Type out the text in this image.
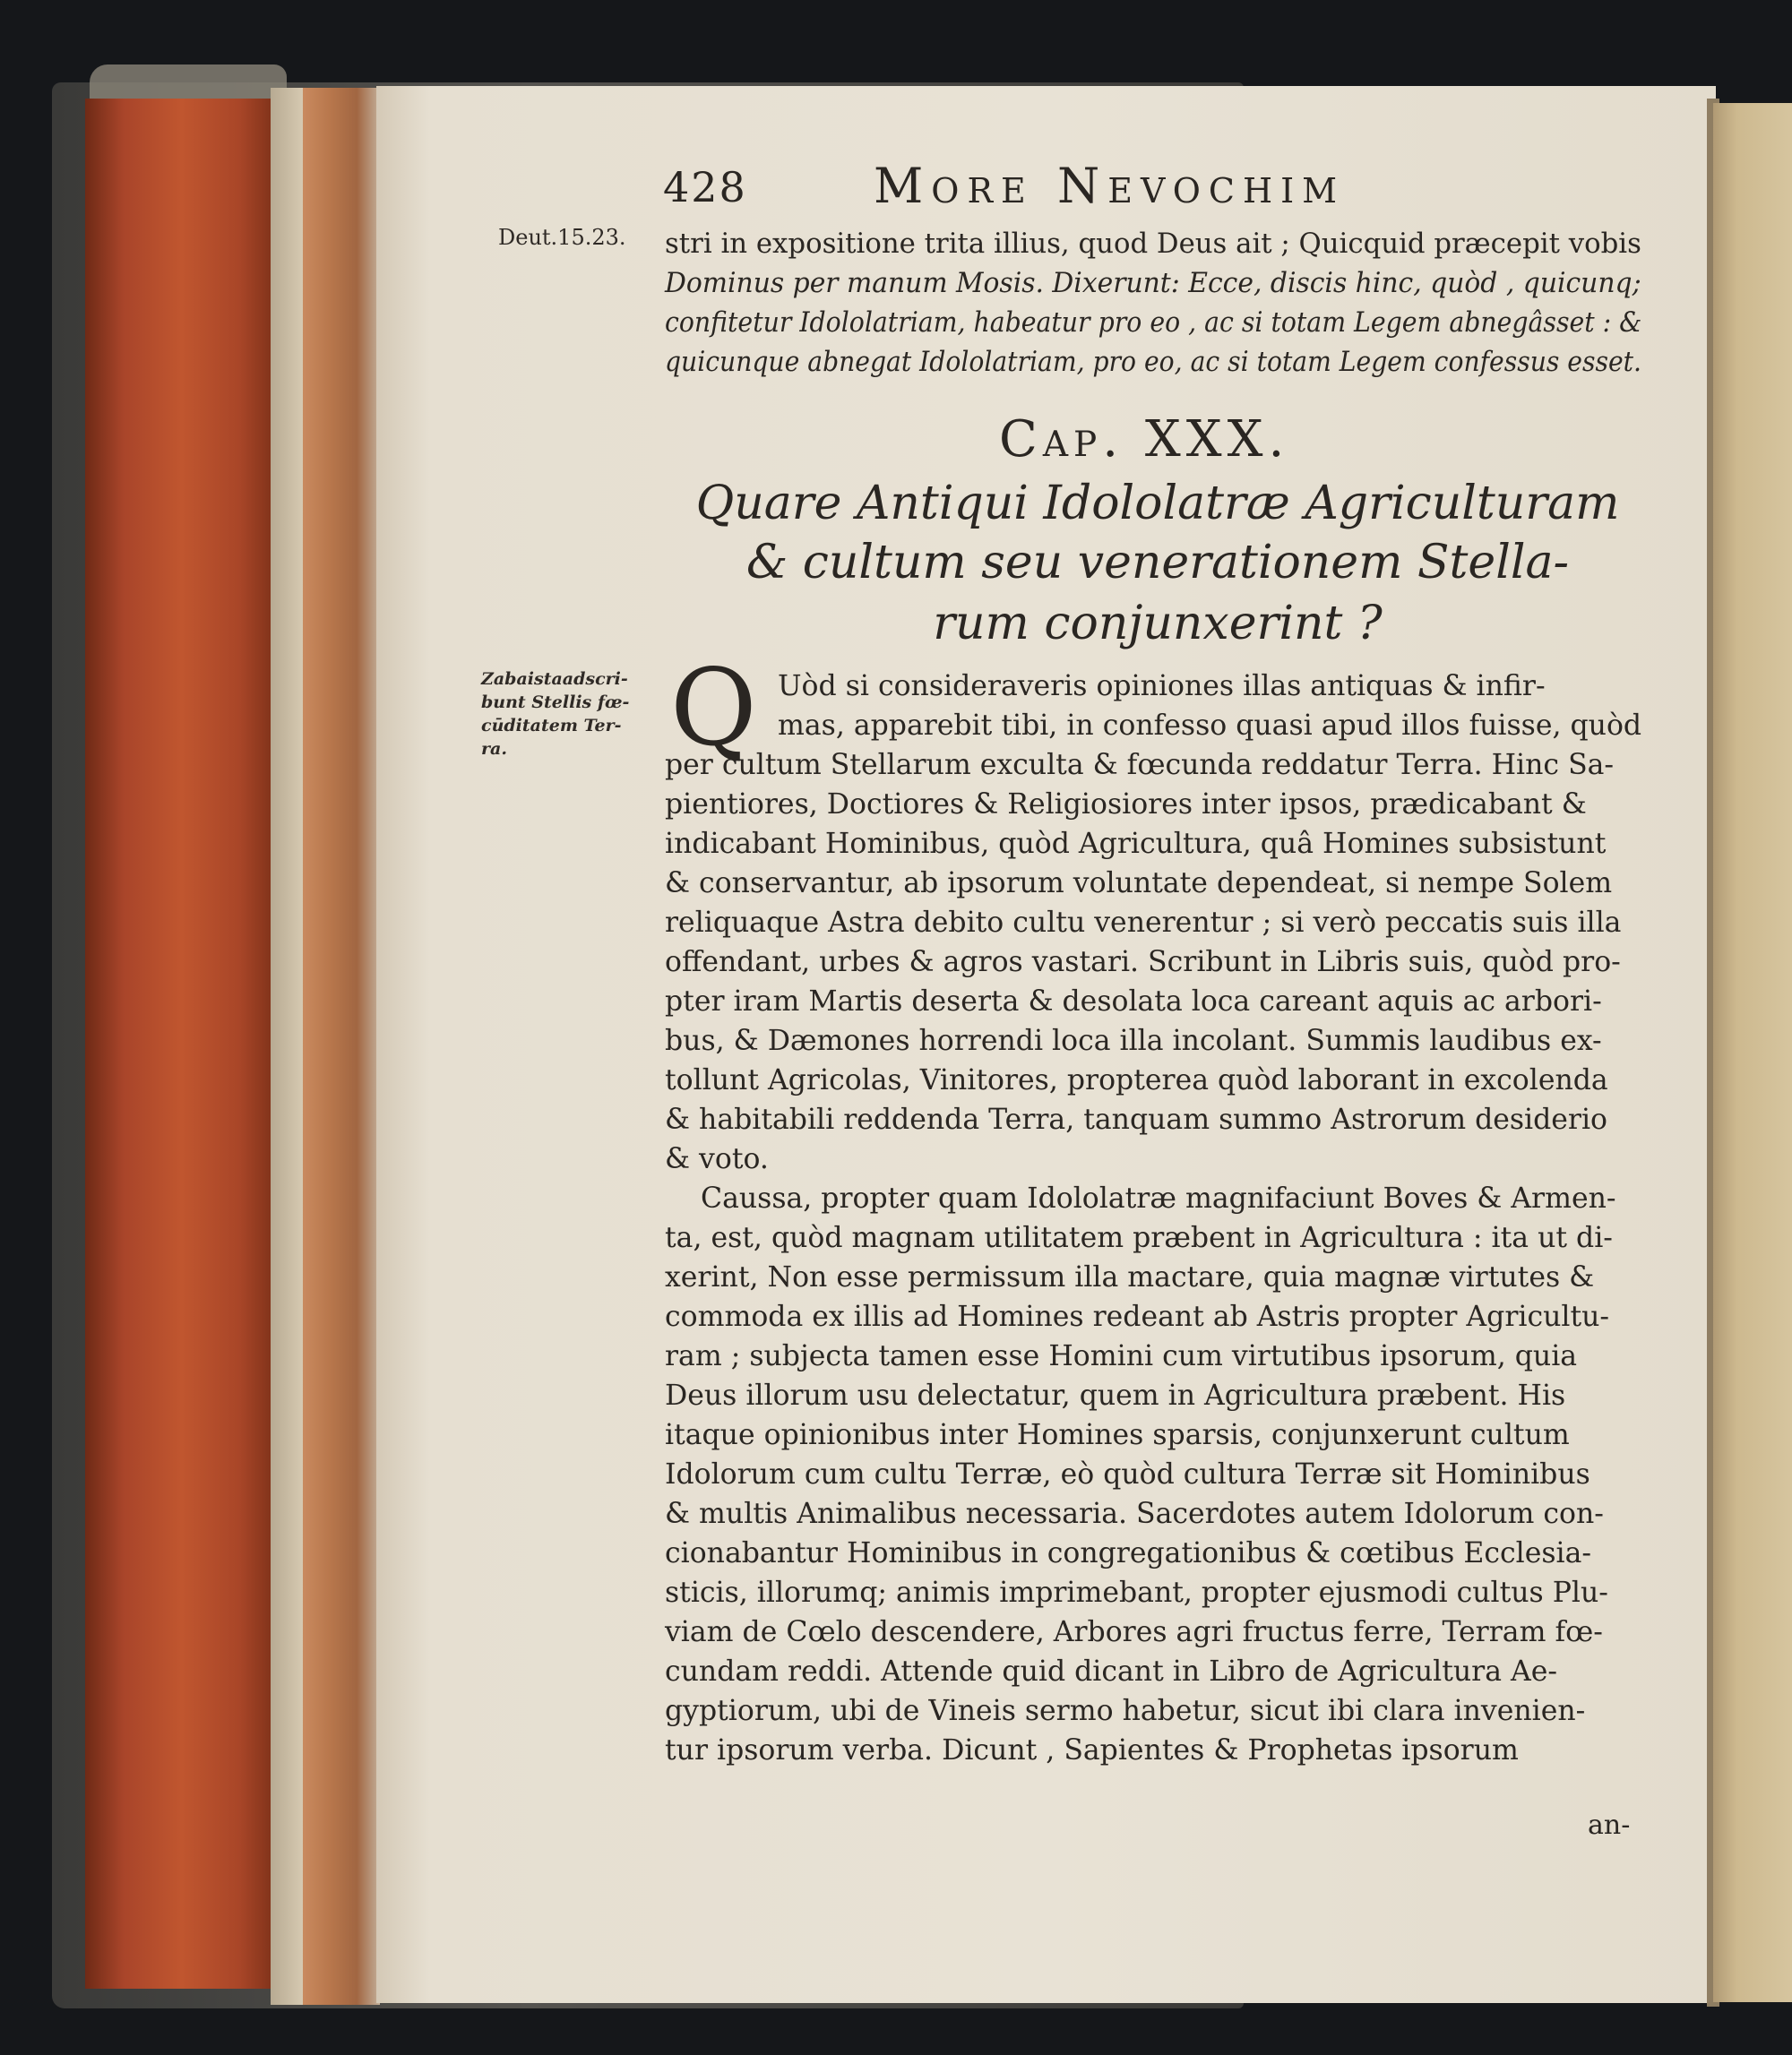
428	More Nevochim
Deut.15.23.
Zabaistaadscri-
bunt Stellis fœ-
cūditatem Ter-
ra.
stri in expositione trita illius, quod Deus ait ; Quicquid præcepit vobis
Dominus per manum Mosis. Dixerunt: Ecce, discis hinc, quòd , quicunq;
confitetur Idololatriam, habeatur pro eo , ac si totam Legem abnegâsset : &
quicunque abnegat Idololatriam, pro eo, ac si totam Legem confessus esset.
Cap. XXX.
Quare Antiqui Idololatræ Agriculturam
& cultum seu venerationem Stella-
rum conjunxerint ?
Q Uòd si consideraveris opiniones illas antiquas & infir-
mas, apparebit tibi, in confesso quasi apud illos fuisse, quòd
per cultum Stellarum exculta & fœcunda reddatur Terra. Hinc Sa-
pientiores, Doctiores & Religiosiores inter ipsos, prædicabant &
indicabant Hominibus, quòd Agricultura, quâ Homines subsistunt
& conservantur, ab ipsorum voluntate dependeat, si nempe Solem
reliquaque Astra debito cultu venerentur ; si verò peccatis suis illa
offendant, urbes & agros vastari. Scribunt in Libris suis, quòd pro-
pter iram Martis deserta & desolata loca careant aquis ac arbori-
bus, & Dæmones horrendi loca illa incolant. Summis laudibus ex-
tollunt Agricolas, Vinitores, propterea quòd laborant in excolenda
& habitabili reddenda Terra, tanquam summo Astrorum desiderio
& voto.
Caussa, propter quam Idololatræ magnifaciunt Boves & Armen-
ta, est, quòd magnam utilitatem præbent in Agricultura : ita ut di-
xerint, Non esse permissum illa mactare, quia magnæ virtutes &
commoda ex illis ad Homines redeant ab Astris propter Agricultu-
ram ; subjecta tamen esse Homini cum virtutibus ipsorum, quia
Deus illorum usu delectatur, quem in Agricultura præbent. His
itaque opinionibus inter Homines sparsis, conjunxerunt cultum
Idolorum cum cultu Terræ, eò quòd cultura Terræ sit Hominibus
& multis Animalibus necessaria. Sacerdotes autem Idolorum con-
cionabantur Hominibus in congregationibus & cœtibus Ecclesia-
sticis, illorumq; animis imprimebant, propter ejusmodi cultus Plu-
viam de Cœlo descendere, Arbores agri fructus ferre, Terram fœ-
cundam reddi. Attende quid dicant in Libro de Agricultura Ae-
gyptiorum, ubi de Vineis sermo habetur, sicut ibi clara invenien-
tur ipsorum verba. Dicunt , Sapientes & Prophetas ipsorum
an-
